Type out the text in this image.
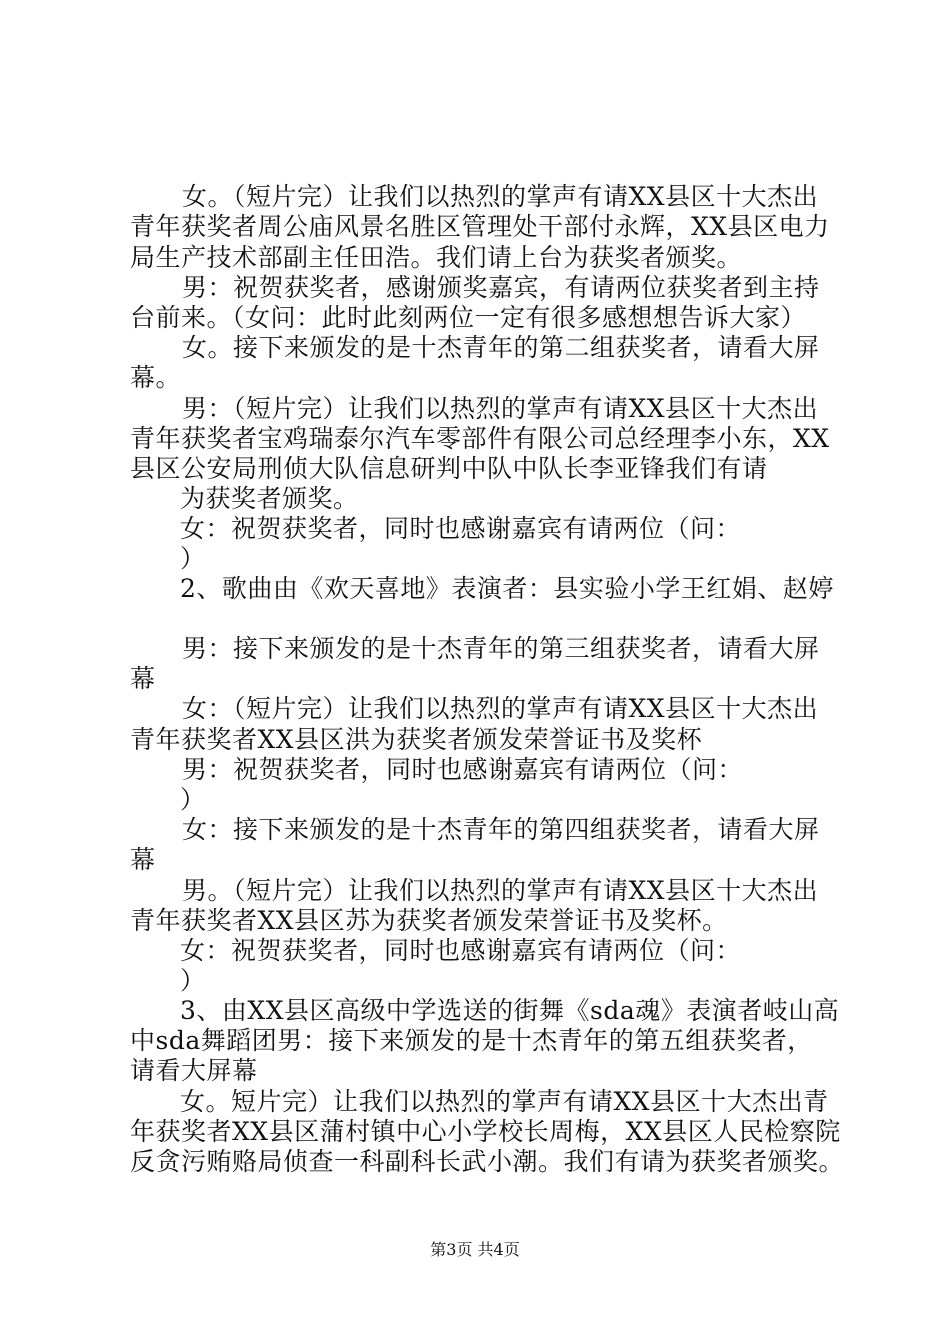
女。（短片完）让我们以热烈的掌声有请XX县区十大杰出
青年获奖者周公庙风景名胜区管理处干部付永辉，XX县区电力
局生产技术部副主任田浩。我们请上台为获奖者颁奖。
男：祝贺获奖者，感谢颁奖嘉宾，有请两位获奖者到主持
台前来。（女问：此时此刻两位一定有很多感想想告诉大家）
女。接下来颁发的是十杰青年的第二组获奖者，请看大屏
幕。
男：（短片完）让我们以热烈的掌声有请XX县区十大杰出
青年获奖者宝鸡瑞泰尔汽车零部件有限公司总经理李小东，XX
县区公安局刑侦大队信息研判中队中队长李亚锋我们有请
为获奖者颁奖。
女：祝贺获奖者，同时也感谢嘉宾有请两位（问：
）
2、歌曲由《欢天喜地》表演者：县实验小学王红娟、赵婷
男：接下来颁发的是十杰青年的第三组获奖者，请看大屏
幕
女：（短片完）让我们以热烈的掌声有请XX县区十大杰出
青年获奖者XX县区洪为获奖者颁发荣誉证书及奖杯
男：祝贺获奖者，同时也感谢嘉宾有请两位（问：
）
女：接下来颁发的是十杰青年的第四组获奖者，请看大屏
幕
男。（短片完）让我们以热烈的掌声有请XX县区十大杰出
青年获奖者XX县区苏为获奖者颁发荣誉证书及奖杯。
女：祝贺获奖者，同时也感谢嘉宾有请两位（问：
）
3、由XX县区高级中学选送的街舞《sda魂》表演者岐山高
中sda舞蹈团男：接下来颁发的是十杰青年的第五组获奖者，
请看大屏幕
女。短片完）让我们以热烈的掌声有请XX县区十大杰出青
年获奖者XX县区蒲村镇中心小学校长周梅，XX县区人民检察院
反贪污贿赂局侦查一科副科长武小潮。我们有请为获奖者颁奖。
第3页 共4页
